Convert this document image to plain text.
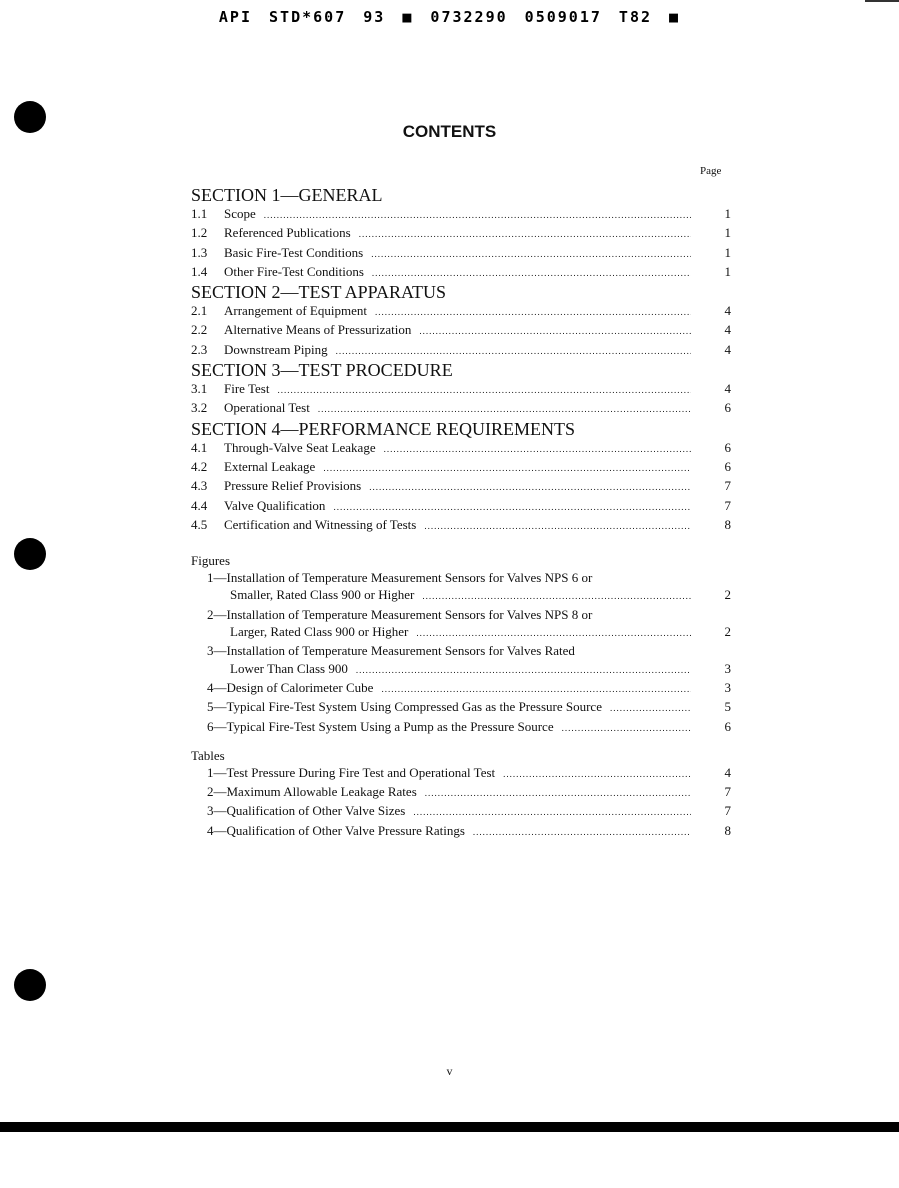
API STD*607 93 ■ 0732290 0509017 T82 ■
CONTENTS
Page
SECTION 1—GENERAL
1.1	Scope .....	1
1.2	Referenced Publications .....	1
1.3	Basic Fire-Test Conditions .....	1
1.4	Other Fire-Test Conditions .....	1
SECTION 2—TEST APPARATUS
2.1	Arrangement of Equipment .....	4
2.2	Alternative Means of Pressurization .....	4
2.3	Downstream Piping .....	4
SECTION 3—TEST PROCEDURE
3.1	Fire Test .....	4
3.2	Operational Test .....	6
SECTION 4—PERFORMANCE REQUIREMENTS
4.1	Through-Valve Seat Leakage .....	6
4.2	External Leakage .....	6
4.3	Pressure Relief Provisions .....	7
4.4	Valve Qualification .....	7
4.5	Certification and Witnessing of Tests .....	8
Figures
1—Installation of Temperature Measurement Sensors for Valves NPS 6 or
Smaller, Rated Class 900 or Higher .....	2
2—Installation of Temperature Measurement Sensors for Valves NPS 8 or
Larger, Rated Class 900 or Higher .....	2
3—Installation of Temperature Measurement Sensors for Valves Rated
Lower Than Class 900 .....	3
4—Design of Calorimeter Cube .....	3
5—Typical Fire-Test System Using Compressed Gas as the Pressure Source .....	5
6—Typical Fire-Test System Using a Pump as the Pressure Source .....	6
Tables
1—Test Pressure During Fire Test and Operational Test .....	4
2—Maximum Allowable Leakage Rates .....	7
3—Qualification of Other Valve Sizes .....	7
4—Qualification of Other Valve Pressure Ratings .....	8
v
